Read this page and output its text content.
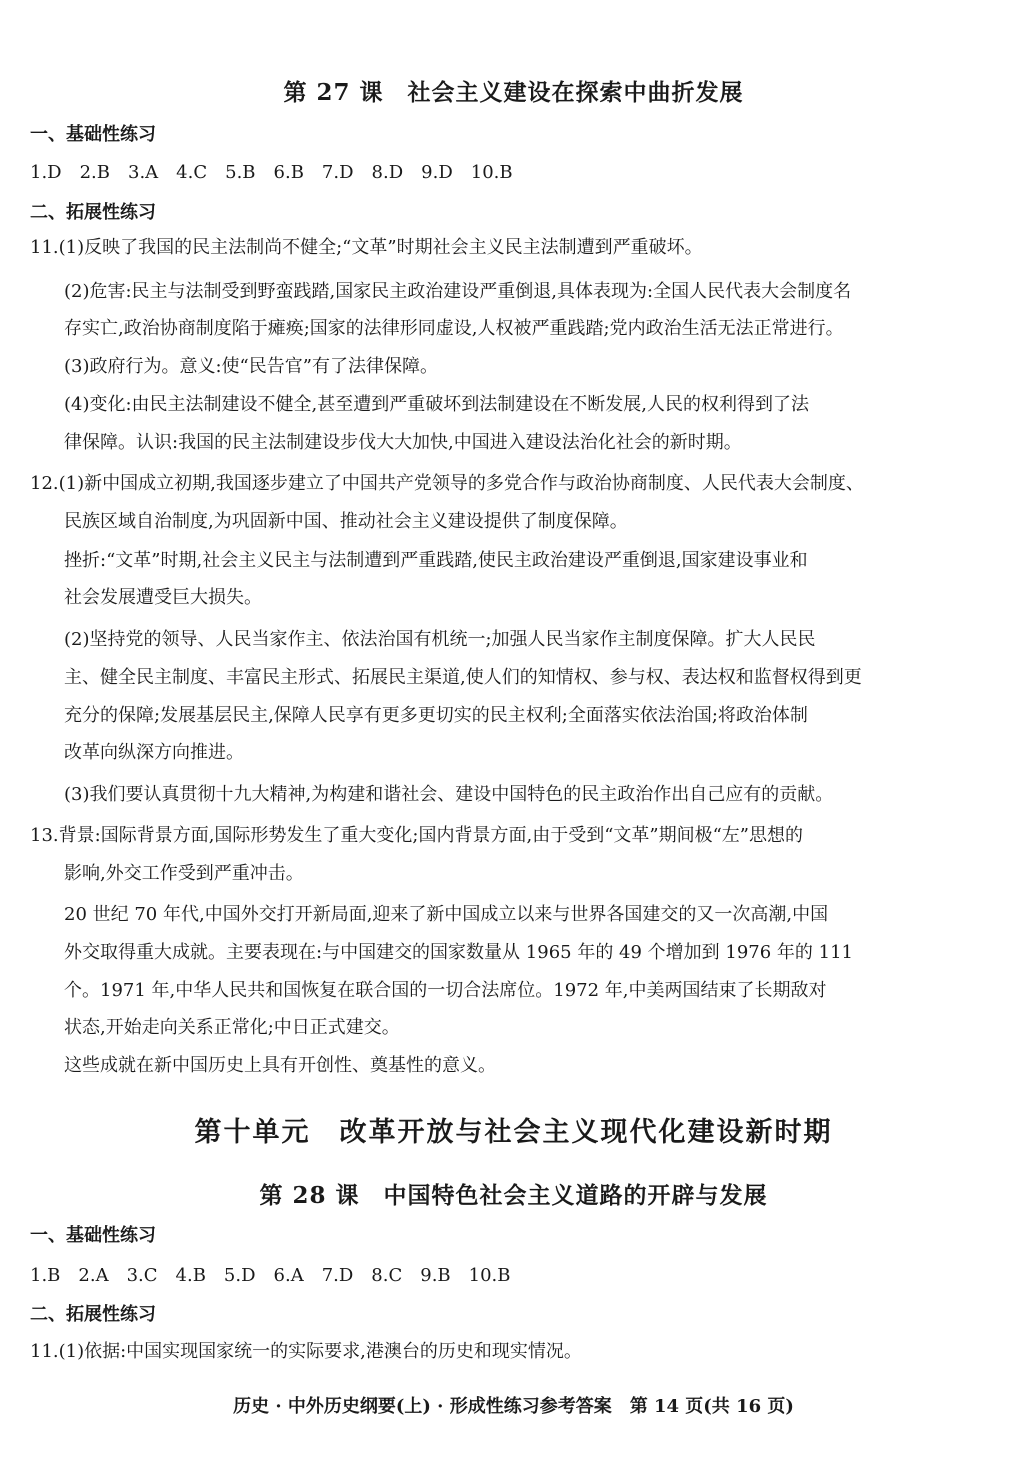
第 27 课　社会主义建设在探索中曲折发展
一、基础性练习
1.D　2.B　3.A　4.C　5.B　6.B　7.D　8.D　9.D　10.B
二、拓展性练习
11.(1)反映了我国的民主法制尚不健全;“文革”时期社会主义民主法制遭到严重破坏。
(2)危害:民主与法制受到野蛮践踏,国家民主政治建设严重倒退,具体表现为:全国人民代表大会制度名
存实亡,政治协商制度陷于瘫痪;国家的法律形同虚设,人权被严重践踏;党内政治生活无法正常进行。
(3)政府行为。意义:使“民告官”有了法律保障。
(4)变化:由民主法制建设不健全,甚至遭到严重破坏到法制建设在不断发展,人民的权利得到了法
律保障。认识:我国的民主法制建设步伐大大加快,中国进入建设法治化社会的新时期。
12.(1)新中国成立初期,我国逐步建立了中国共产党领导的多党合作与政治协商制度、人民代表大会制度、
民族区域自治制度,为巩固新中国、推动社会主义建设提供了制度保障。
挫折:“文革”时期,社会主义民主与法制遭到严重践踏,使民主政治建设严重倒退,国家建设事业和
社会发展遭受巨大损失。
(2)坚持党的领导、人民当家作主、依法治国有机统一;加强人民当家作主制度保障。扩大人民民
主、健全民主制度、丰富民主形式、拓展民主渠道,使人们的知情权、参与权、表达权和监督权得到更
充分的保障;发展基层民主,保障人民享有更多更切实的民主权利;全面落实依法治国;将政治体制
改革向纵深方向推进。
(3)我们要认真贯彻十九大精神,为构建和谐社会、建设中国特色的民主政治作出自己应有的贡献。
13.背景:国际背景方面,国际形势发生了重大变化;国内背景方面,由于受到“文革”期间极“左”思想的
影响,外交工作受到严重冲击。
20 世纪 70 年代,中国外交打开新局面,迎来了新中国成立以来与世界各国建交的又一次高潮,中国
外交取得重大成就。主要表现在:与中国建交的国家数量从 1965 年的 49 个增加到 1976 年的 111
个。1971 年,中华人民共和国恢复在联合国的一切合法席位。1972 年,中美两国结束了长期敌对
状态,开始走向关系正常化;中日正式建交。
这些成就在新中国历史上具有开创性、奠基性的意义。
第十单元　改革开放与社会主义现代化建设新时期
第 28 课　中国特色社会主义道路的开辟与发展
一、基础性练习
1.B　2.A　3.C　4.B　5.D　6.A　7.D　8.C　9.B　10.B
二、拓展性练习
11.(1)依据:中国实现国家统一的实际要求,港澳台的历史和现实情况。
历史 · 中外历史纲要(上) · 形成性练习参考答案　第 14 页(共 16 页)
